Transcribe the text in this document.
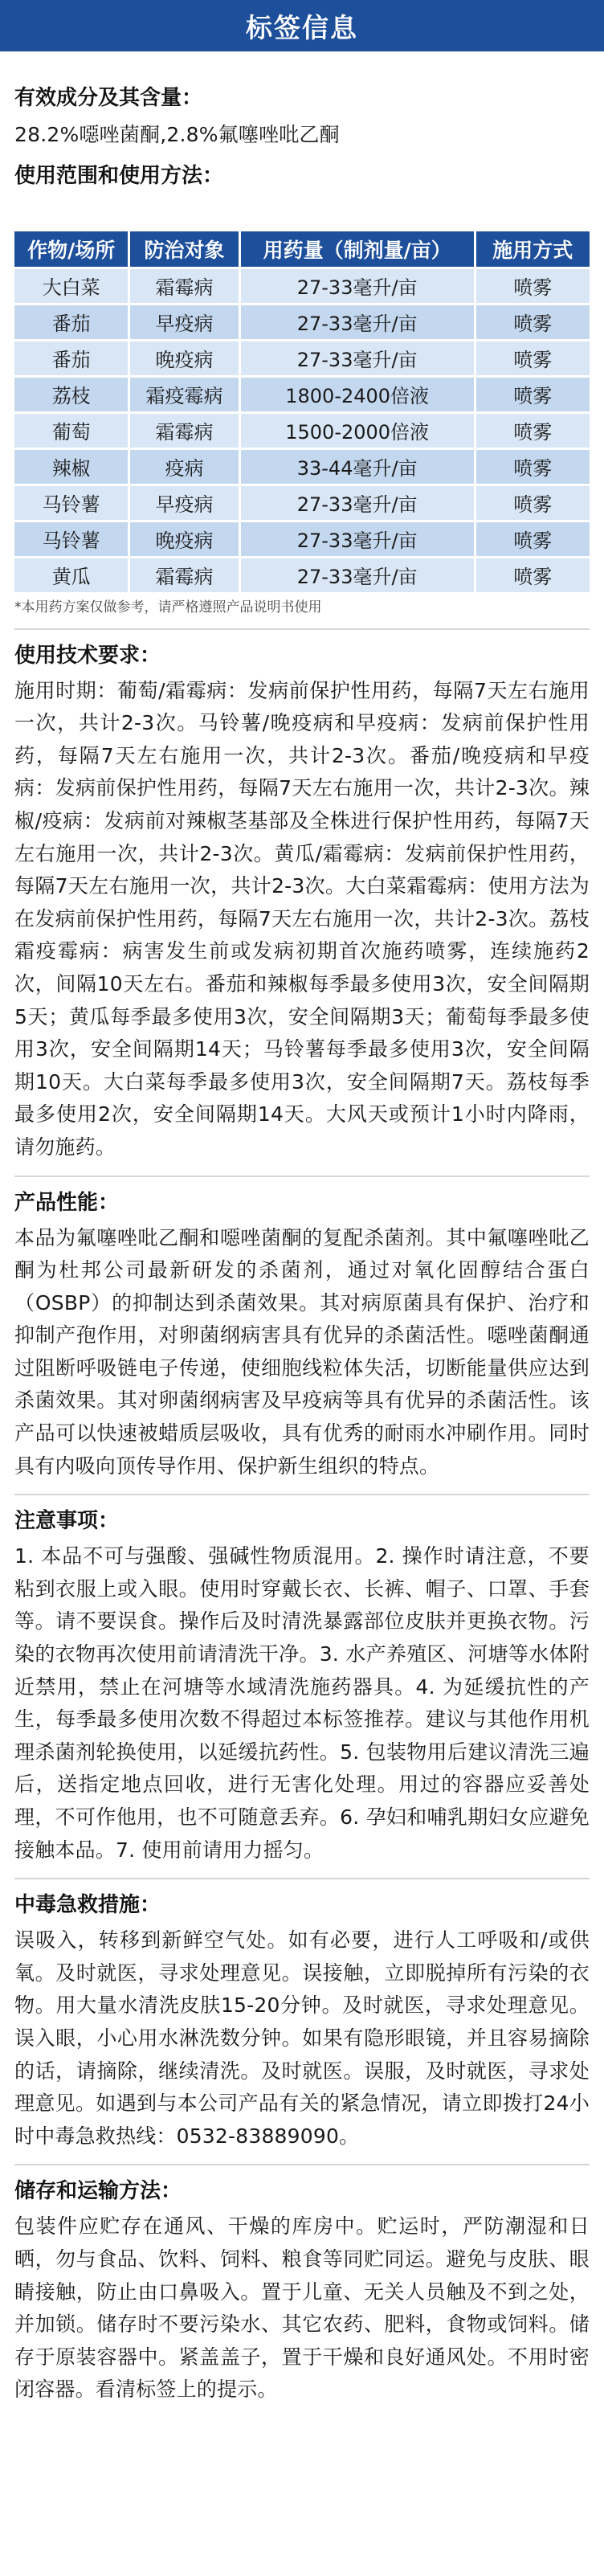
标签信息
有效成分及其含量：
28.2%噁唑菌酮,2.8%氟噻唑吡乙酮
使用范围和使用方法：
作物/场所	防治对象	用药量（制剂量/亩）	施用方式
大白菜	霜霉病	27-33毫升/亩	喷雾
番茄	早疫病	27-33毫升/亩	喷雾
番茄	晚疫病	27-33毫升/亩	喷雾
荔枝	霜疫霉病	1800-2400倍液	喷雾
葡萄	霜霉病	1500-2000倍液	喷雾
辣椒	疫病	33-44毫升/亩	喷雾
马铃薯	早疫病	27-33毫升/亩	喷雾
马铃薯	晚疫病	27-33毫升/亩	喷雾
黄瓜	霜霉病	27-33毫升/亩	喷雾
*本用药方案仅做参考，请严格遵照产品说明书使用
使用技术要求：
施用时期：葡萄/霜霉病：发病前保护性用药，每隔7天左右施用一次，共计2-3次。马铃薯/晚疫病和早疫病：发病前保护性用药，每隔7天左右施用一次，共计2-3次。番茄/晚疫病和早疫病：发病前保护性用药，每隔7天左右施用一次，共计2-3次。辣椒/疫病：发病前对辣椒茎基部及全株进行保护性用药，每隔7天左右施用一次，共计2-3次。黄瓜/霜霉病：发病前保护性用药，每隔7天左右施用一次，共计2-3次。大白菜霜霉病：使用方法为在发病前保护性用药，每隔7天左右施用一次，共计2-3次。荔枝霜疫霉病：病害发生前或发病初期首次施药喷雾，连续施药2次，间隔10天左右。番茄和辣椒每季最多使用3次，安全间隔期5天；黄瓜每季最多使用3次，安全间隔期3天；葡萄每季最多使用3次，安全间隔期14天；马铃薯每季最多使用3次，安全间隔期10天。大白菜每季最多使用3次，安全间隔期7天。荔枝每季最多使用2次，安全间隔期14天。大风天或预计1小时内降雨，请勿施药。
产品性能：
本品为氟噻唑吡乙酮和噁唑菌酮的复配杀菌剂。其中氟噻唑吡乙酮为杜邦公司最新研发的杀菌剂，通过对氧化固醇结合蛋白（OSBP）的抑制达到杀菌效果。其对病原菌具有保护、治疗和抑制产孢作用，对卵菌纲病害具有优异的杀菌活性。噁唑菌酮通过阻断呼吸链电子传递，使细胞线粒体失活，切断能量供应达到杀菌效果。其对卵菌纲病害及早疫病等具有优异的杀菌活性。该产品可以快速被蜡质层吸收，具有优秀的耐雨水冲刷作用。同时具有内吸向顶传导作用、保护新生组织的特点。
注意事项：
1. 本品不可与强酸、强碱性物质混用。2. 操作时请注意，不要粘到衣服上或入眼。使用时穿戴长衣、长裤、帽子、口罩、手套等。请不要误食。操作后及时清洗暴露部位皮肤并更换衣物。污染的衣物再次使用前请清洗干净。3. 水产养殖区、河塘等水体附近禁用，禁止在河塘等水域清洗施药器具。4. 为延缓抗性的产生，每季最多使用次数不得超过本标签推荐。建议与其他作用机理杀菌剂轮换使用，以延缓抗药性。5. 包装物用后建议清洗三遍后，送指定地点回收，进行无害化处理。用过的容器应妥善处理，不可作他用，也不可随意丢弃。6. 孕妇和哺乳期妇女应避免接触本品。7. 使用前请用力摇匀。
中毒急救措施：
误吸入，转移到新鲜空气处。如有必要，进行人工呼吸和/或供氧。及时就医，寻求处理意见。误接触，立即脱掉所有污染的衣物。用大量水清洗皮肤15-20分钟。及时就医，寻求处理意见。误入眼，小心用水淋洗数分钟。如果有隐形眼镜，并且容易摘除的话，请摘除，继续清洗。及时就医。误服，及时就医，寻求处理意见。如遇到与本公司产品有关的紧急情况，请立即拨打24小时中毒急救热线：0532-83889090。
储存和运输方法：
包装件应贮存在通风、干燥的库房中。贮运时，严防潮湿和日晒，勿与食品、饮料、饲料、粮食等同贮同运。避免与皮肤、眼睛接触，防止由口鼻吸入。置于儿童、无关人员触及不到之处，并加锁。储存时不要污染水、其它农药、肥料，食物或饲料。储存于原装容器中。紧盖盖子，置于干燥和良好通风处。不用时密闭容器。看清标签上的提示。
